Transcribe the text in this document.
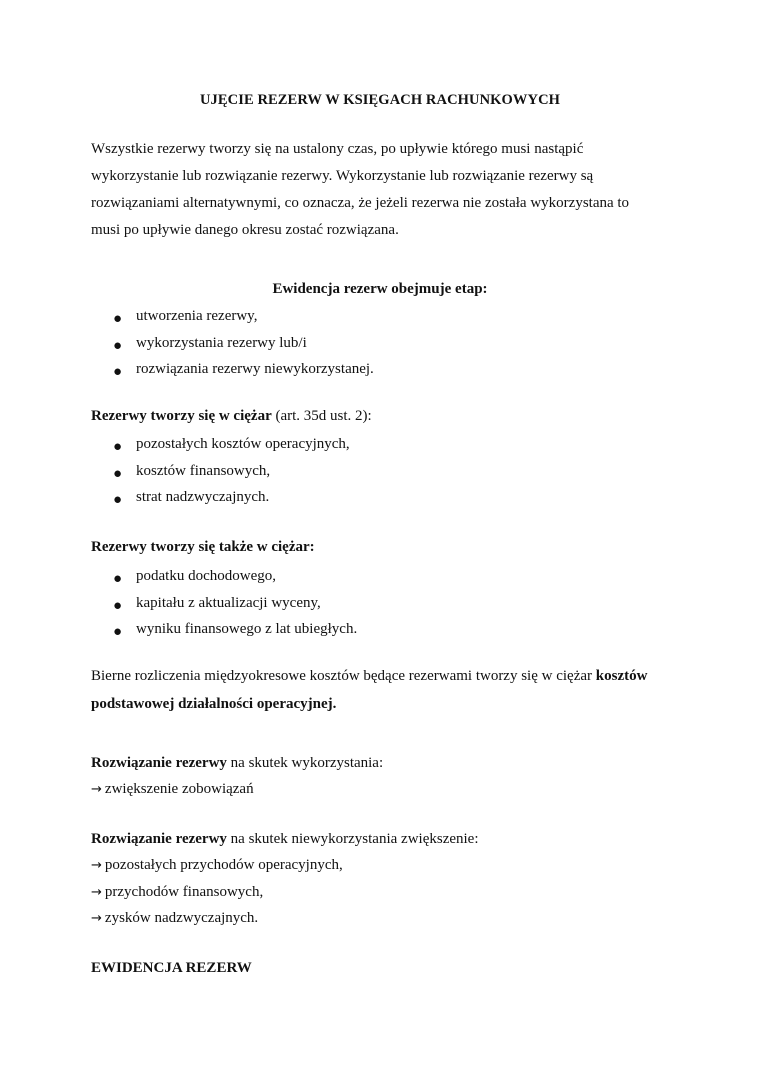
UJĘCIE REZERW W KSIĘGACH RACHUNKOWYCH

Wszystkie rezerwy tworzy się na ustalony czas, po upływie którego musi nastąpić

wykorzystanie lub rozwiązanie rezerwy. Wykorzystanie lub rozwiązanie rezerwy są

rozwiązaniami alternatywnymi, co oznacza, że jeżeli rezerwa nie została wykorzystana to

musi po upływie danego okresu zostać rozwiązana.

Ewidencja rezerw obejmuje etap:
● utworzenia rezerwy,
● wykorzystania rezerwy lub/i
● rozwiązania rezerwy niewykorzystanej.
Rezerwy tworzy się w ciężar (art. 35d ust. 2):
● pozostałych kosztów operacyjnych,
● kosztów finansowych,
● strat nadzwyczajnych.
Rezerwy tworzy się także w ciężar:
● podatku dochodowego,
● kapitału z aktualizacji wyceny,
● wyniku finansowego z lat ubiegłych.

Bierne rozliczenia międzyokresowe kosztów będące rezerwami tworzy się w ciężar kosztów

podstawowej działalności operacyjnej.

Rozwiązanie rezerwy na skutek wykorzystania:
→ zwiększenie zobowiązań
Rozwiązanie rezerwy na skutek niewykorzystania zwiększenie:
→ pozostałych przychodów operacyjnych,
→ przychodów finansowych,
→ zysków nadzwyczajnych.
EWIDENCJA REZERW
